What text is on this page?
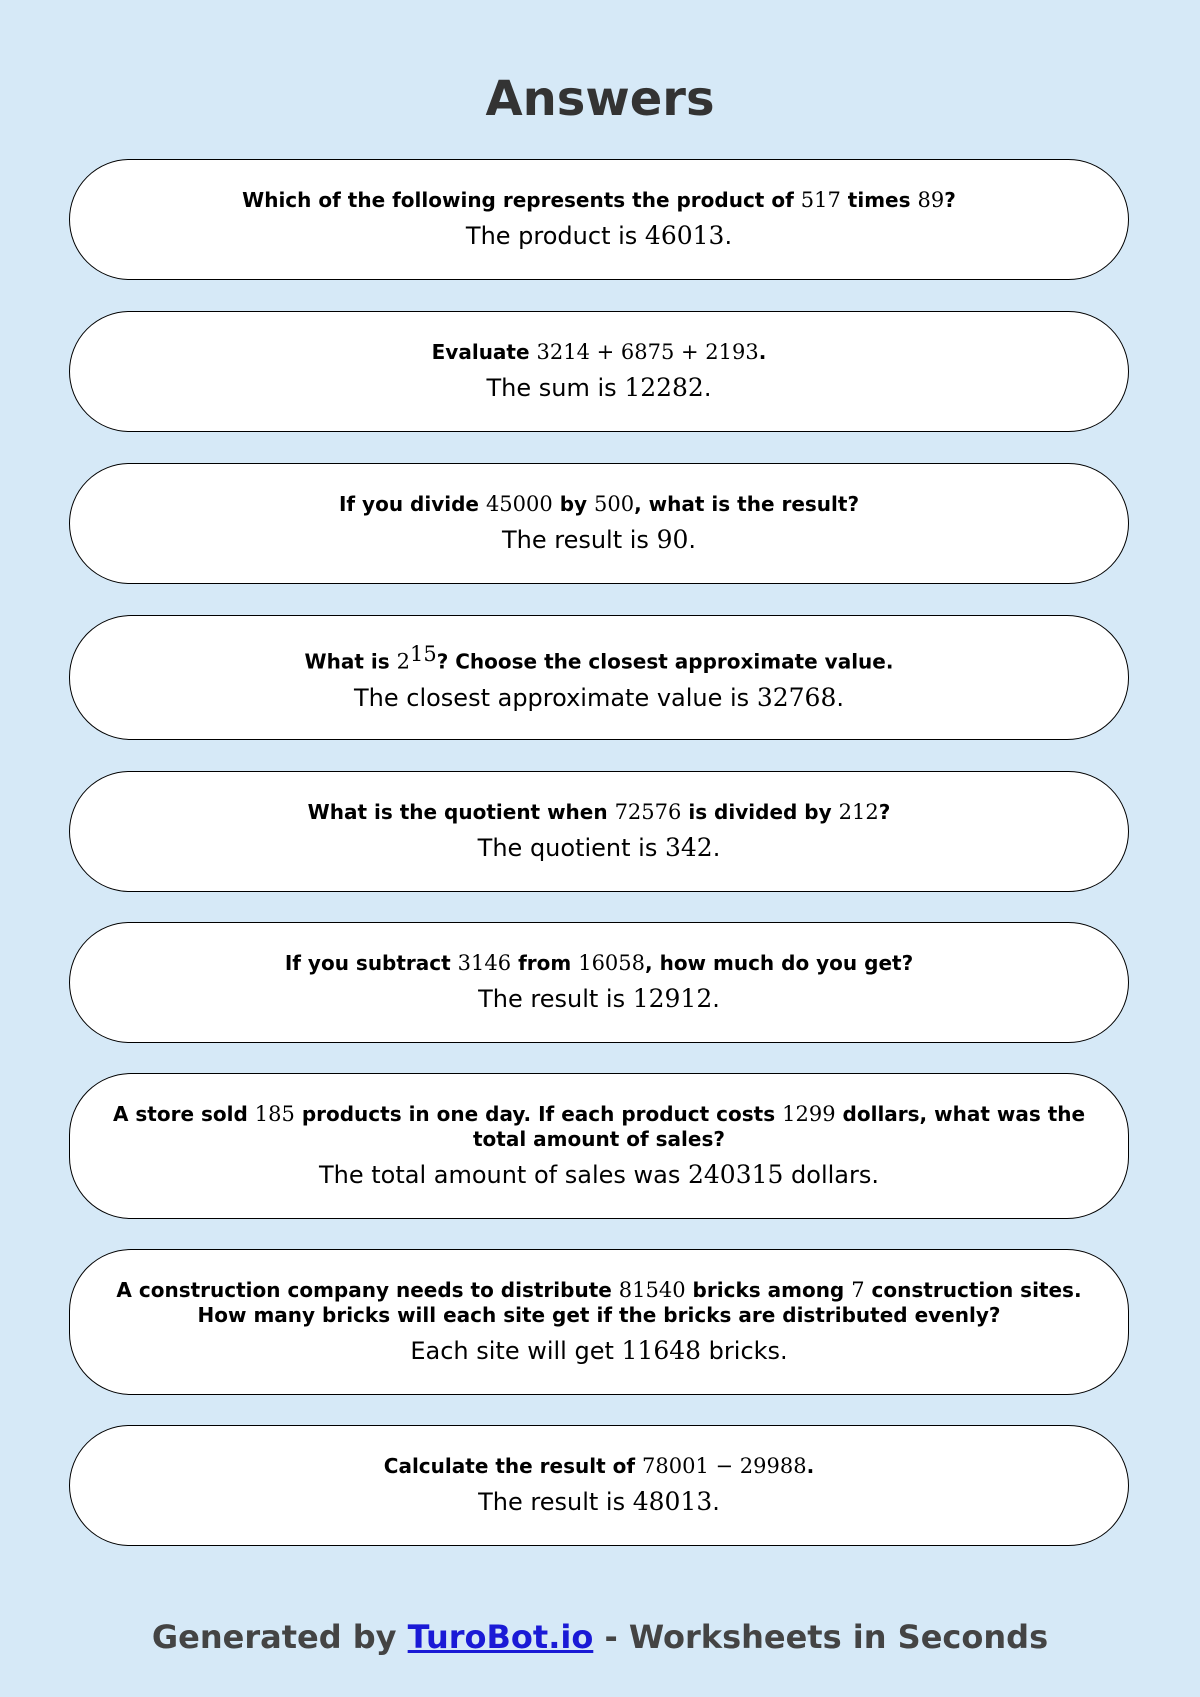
Answers

Which of the following represents the product of 517 times 89?

The product is 46013.

Evaluate 3214 + 6875 + 2193.

The sum is 12282.

If you divide 45000 by 500, what is the result?

The result is 90.

What is $2^{15}$? Choose the closest approximate value.

The closest approximate value is 32768.

What is the quotient when 72576 is divided by 212?

The quotient is 342.

If you subtract 3146 from 16058, how much do you get?

The result is 12912.

A store sold 185 products in one day. If each product costs 1299 dollars, what was the total amount of sales?

The total amount of sales was 240315 dollars.

A construction company needs to distribute 81540 bricks among 7 construction sites. How many bricks will each site get if the bricks are distributed evenly?

Each site will get 11648 bricks.

Calculate the result of 78001 − 29988.

The result is 48013.

Generated by TuroBot.io - Worksheets in Seconds
